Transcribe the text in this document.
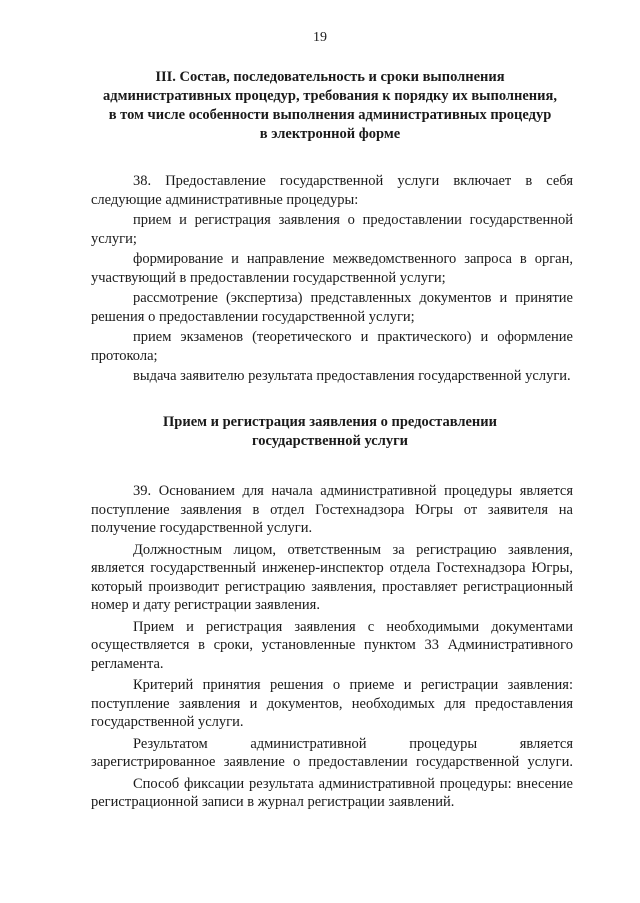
19
III. Состав, последовательность и сроки выполнения
административных процедур, требования к порядку их выполнения,
в том числе особенности выполнения административных процедур
в электронной форме

38. Предоставление государственной услуги включает в себя следующие административные процедуры:

прием и регистрация заявления о предоставлении государственной услуги;

формирование и направление межведомственного запроса в орган, участвующий в предоставлении государственной услуги;

рассмотрение (экспертиза) представленных документов и принятие решения о предоставлении государственной услуги;

прием экзаменов (теоретического и практического) и оформление протокола;

выдача заявителю результата предоставления государственной услуги.

Прием и регистрация заявления о предоставлении
государственной услуги

39. Основанием для начала административной процедуры является поступление заявления в отдел Гостехнадзора Югры от заявителя на получение государственной услуги.

Должностным лицом, ответственным за регистрацию заявления, является государственный инженер-инспектор отдела Гостехнадзора Югры, который производит регистрацию заявления, проставляет регистрационный номер и дату регистрации заявления.

Прием и регистрация заявления с необходимыми документами осуществляется в сроки, установленные пунктом 33 Административного регламента.

Критерий принятия решения о приеме и регистрации заявления: поступление заявления и документов, необходимых для предоставления государственной услуги.

Результатом административной процедуры является зарегистрированное заявление о предоставлении государственной услуги.

Способ фиксации результата административной процедуры: внесение регистрационной записи в журнал регистрации заявлений.
